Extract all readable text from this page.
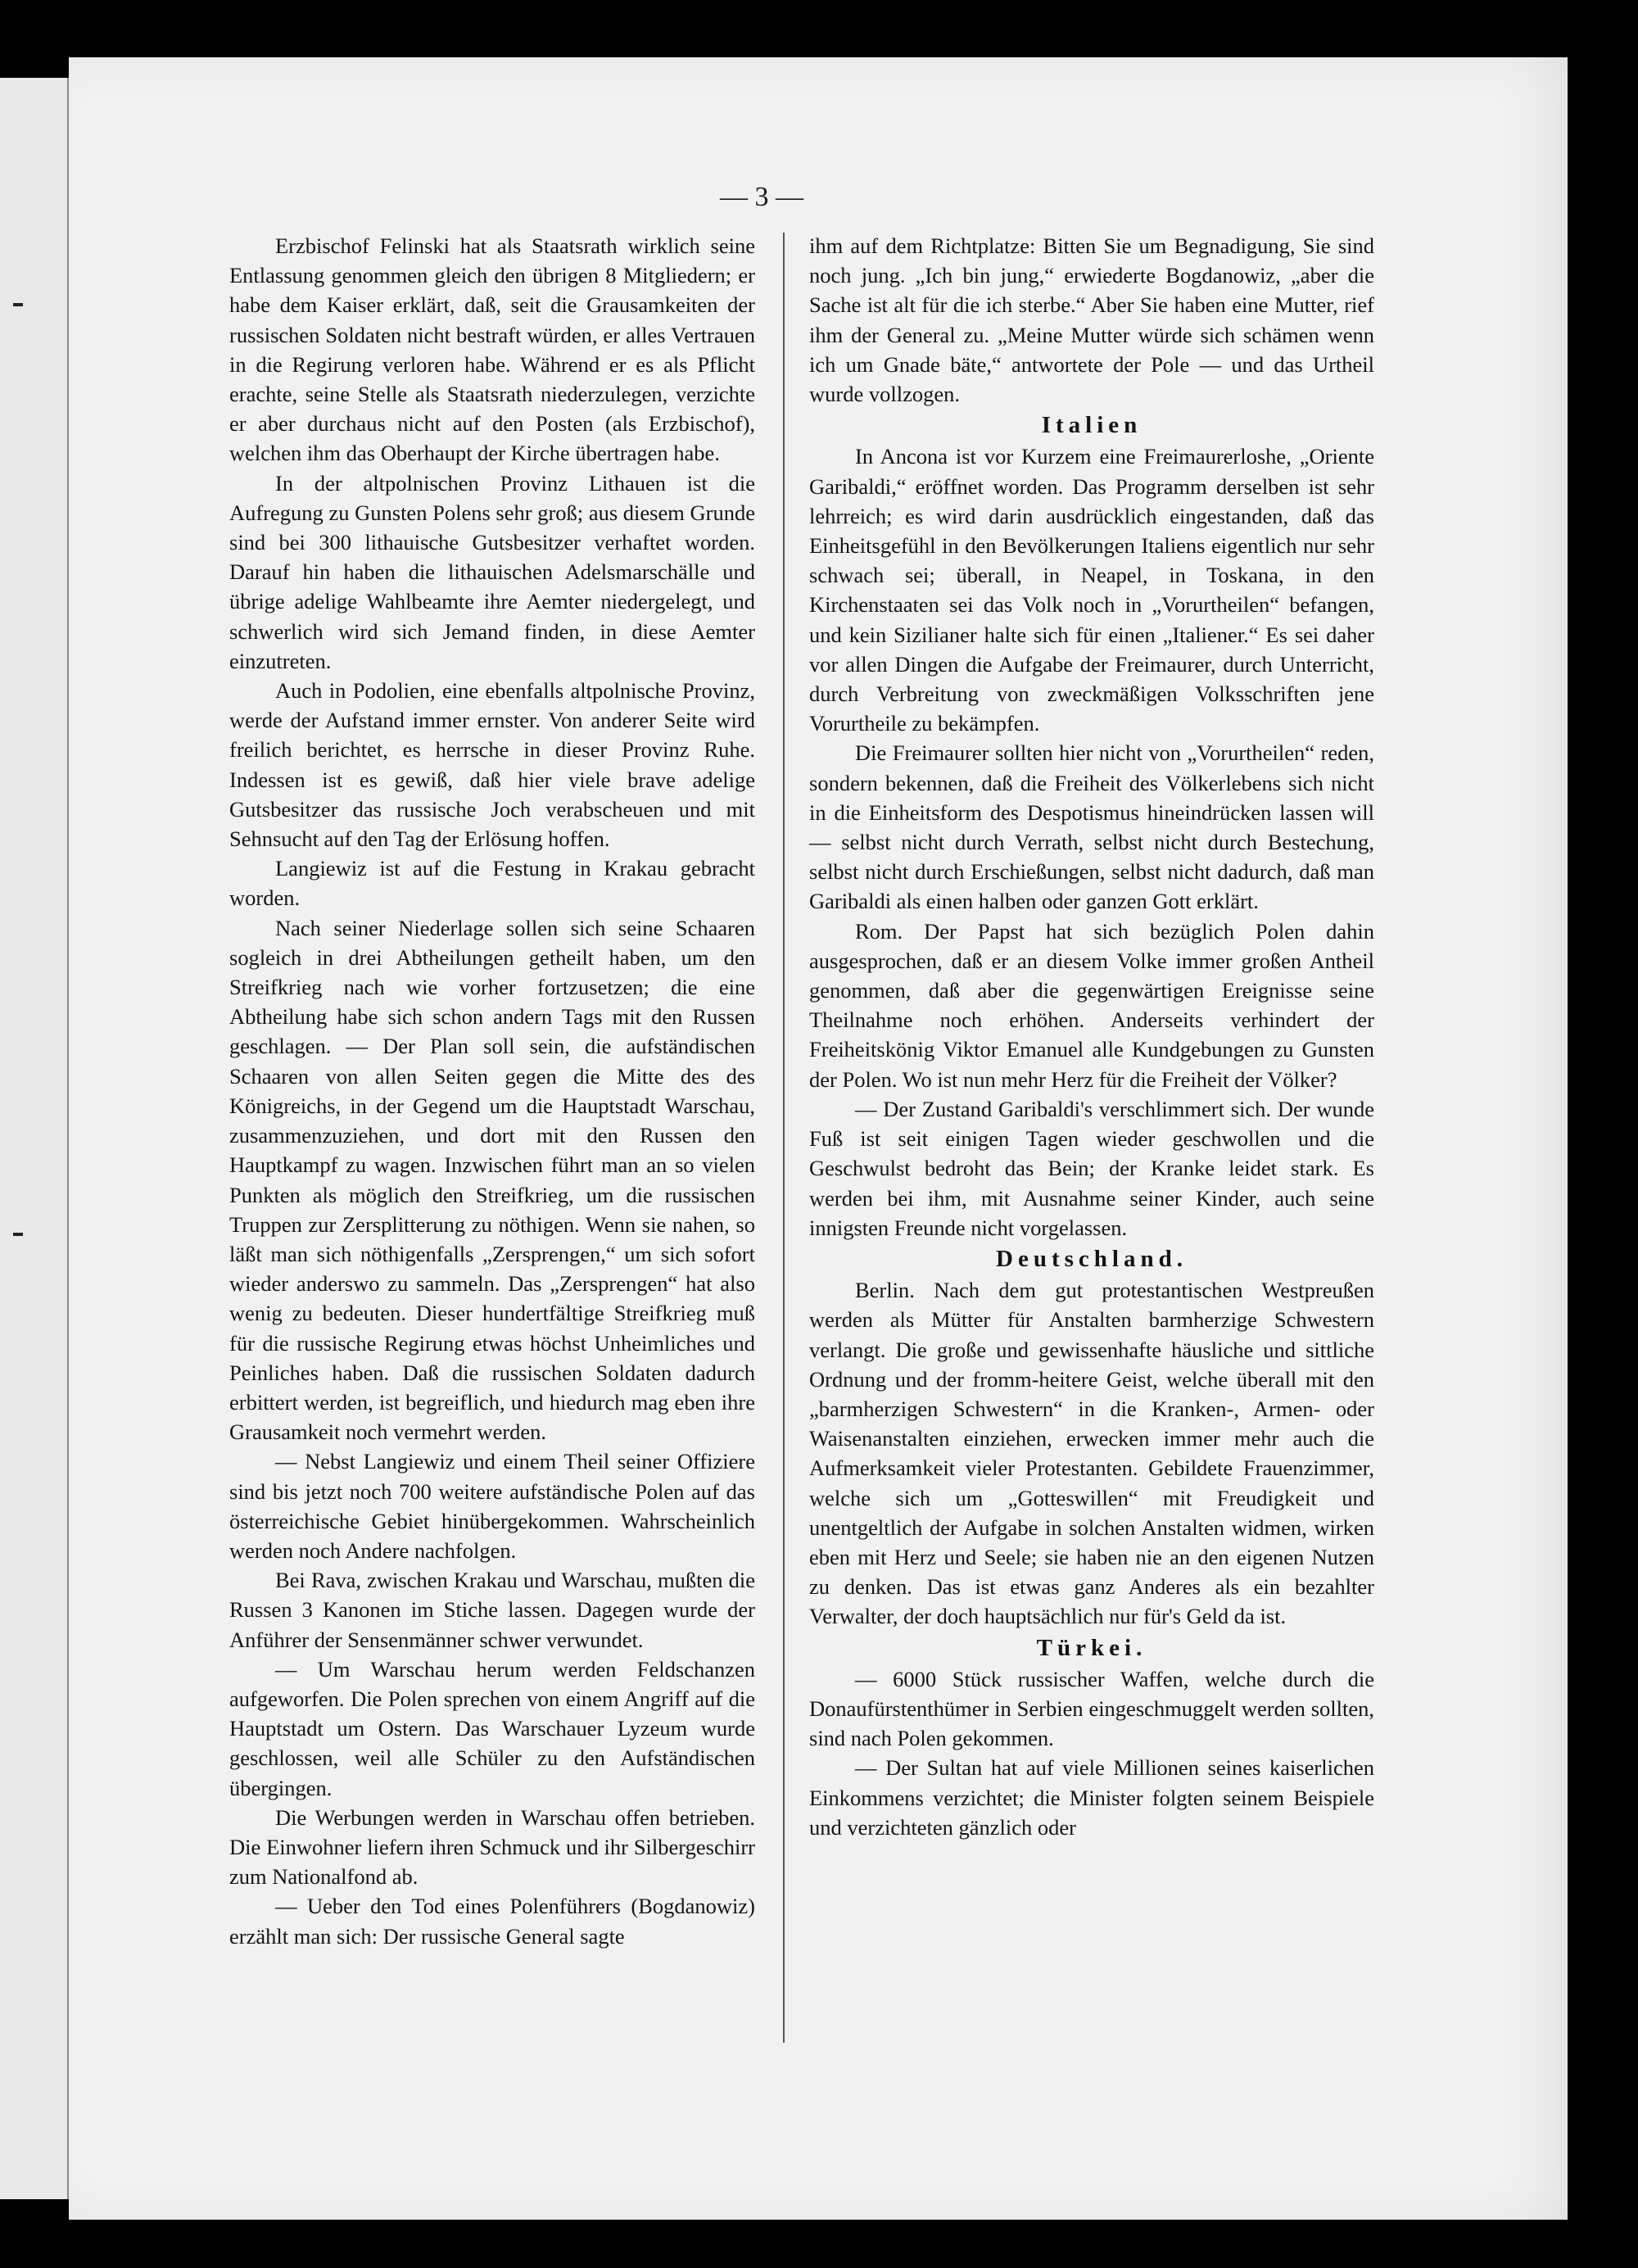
— 3 —

Erzbischof Felinski hat als Staatsrath wirklich seine Entlassung genommen gleich den übrigen 8 Mitgliedern; er habe dem Kaiser erklärt, daß, seit die Grausamkeiten der russischen Soldaten nicht bestraft würden, er alles Vertrauen in die Regirung verloren habe. Während er es als Pflicht erachte, seine Stelle als Staatsrath niederzulegen, verzichte er aber durchaus nicht auf den Posten (als Erzbischof), welchen ihm das Oberhaupt der Kirche übertragen habe.

In der altpolnischen Provinz Lithauen ist die Aufregung zu Gunsten Polens sehr groß; aus diesem Grunde sind bei 300 lithauische Gutsbesitzer verhaftet worden. Darauf hin haben die lithauischen Adelsmarschälle und übrige adelige Wahlbeamte ihre Aemter niedergelegt, und schwerlich wird sich Jemand finden, in diese Aemter einzutreten.

Auch in Podolien, eine ebenfalls altpolnische Provinz, werde der Aufstand immer ernster. Von anderer Seite wird freilich berichtet, es herrsche in dieser Provinz Ruhe. Indessen ist es gewiß, daß hier viele brave adelige Gutsbesitzer das russische Joch verabscheuen und mit Sehnsucht auf den Tag der Erlösung hoffen.

Langiewiz ist auf die Festung in Krakau gebracht worden.

Nach seiner Niederlage sollen sich seine Schaaren sogleich in drei Abtheilungen getheilt haben, um den Streifkrieg nach wie vorher fortzusetzen; die eine Abtheilung habe sich schon andern Tags mit den Russen geschlagen. — Der Plan soll sein, die aufständischen Schaaren von allen Seiten gegen die Mitte des des Königreichs, in der Gegend um die Hauptstadt Warschau, zusammenzuziehen, und dort mit den Russen den Hauptkampf zu wagen. Inzwischen führt man an so vielen Punkten als möglich den Streifkrieg, um die russischen Truppen zur Zersplitterung zu nöthigen. Wenn sie nahen, so läßt man sich nöthigenfalls „Zersprengen,“ um sich sofort wieder anderswo zu sammeln. Das „Zersprengen“ hat also wenig zu bedeuten. Dieser hundertfältige Streifkrieg muß für die russische Regirung etwas höchst Unheimliches und Peinliches haben. Daß die russischen Soldaten dadurch erbittert werden, ist begreiflich, und hiedurch mag eben ihre Grausamkeit noch vermehrt werden.

— Nebst Langiewiz und einem Theil seiner Offiziere sind bis jetzt noch 700 weitere aufständische Polen auf das österreichische Gebiet hinübergekommen. Wahrscheinlich werden noch Andere nachfolgen.

Bei Rava, zwischen Krakau und Warschau, mußten die Russen 3 Kanonen im Stiche lassen. Dagegen wurde der Anführer der Sensenmänner schwer verwundet.

— Um Warschau herum werden Feldschanzen aufgeworfen. Die Polen sprechen von einem Angriff auf die Hauptstadt um Ostern. Das Warschauer Lyzeum wurde geschlossen, weil alle Schüler zu den Aufständischen übergingen.

Die Werbungen werden in Warschau offen betrieben. Die Einwohner liefern ihren Schmuck und ihr Silbergeschirr zum Nationalfond ab.

— Ueber den Tod eines Polenführers (Bogdanowiz) erzählt man sich: Der russische General sagte

ihm auf dem Richtplatze: Bitten Sie um Begnadigung, Sie sind noch jung. „Ich bin jung,“ erwiederte Bogdanowiz, „aber die Sache ist alt für die ich sterbe.“ Aber Sie haben eine Mutter, rief ihm der General zu. „Meine Mutter würde sich schämen wenn ich um Gnade bäte,“ antwortete der Pole — und das Urtheil wurde vollzogen.

Italien

In Ancona ist vor Kurzem eine Freimaurerloshe, „Oriente Garibaldi,“ eröffnet worden. Das Programm derselben ist sehr lehrreich; es wird darin ausdrücklich eingestanden, daß das Einheitsgefühl in den Bevölkerungen Italiens eigentlich nur sehr schwach sei; überall, in Neapel, in Toskana, in den Kirchenstaaten sei das Volk noch in „Vorurtheilen“ befangen, und kein Sizilianer halte sich für einen „Italiener.“ Es sei daher vor allen Dingen die Aufgabe der Freimaurer, durch Unterricht, durch Verbreitung von zweckmäßigen Volksschriften jene Vorurtheile zu bekämpfen.

Die Freimaurer sollten hier nicht von „Vorurtheilen“ reden, sondern bekennen, daß die Freiheit des Völkerlebens sich nicht in die Einheitsform des Despotismus hineindrücken lassen will — selbst nicht durch Verrath, selbst nicht durch Bestechung, selbst nicht durch Erschießungen, selbst nicht dadurch, daß man Garibaldi als einen halben oder ganzen Gott erklärt.

Rom. Der Papst hat sich bezüglich Polen dahin ausgesprochen, daß er an diesem Volke immer großen Antheil genommen, daß aber die gegenwärtigen Ereignisse seine Theilnahme noch erhöhen. Anderseits verhindert der Freiheitskönig Viktor Emanuel alle Kundgebungen zu Gunsten der Polen. Wo ist nun mehr Herz für die Freiheit der Völker?

— Der Zustand Garibaldi's verschlimmert sich. Der wunde Fuß ist seit einigen Tagen wieder geschwollen und die Geschwulst bedroht das Bein; der Kranke leidet stark. Es werden bei ihm, mit Ausnahme seiner Kinder, auch seine innigsten Freunde nicht vorgelassen.

Deutschland.

Berlin. Nach dem gut protestantischen Westpreußen werden als Mütter für Anstalten barmherzige Schwestern verlangt. Die große und gewissenhafte häusliche und sittliche Ordnung und der fromm-heitere Geist, welche überall mit den „barmherzigen Schwestern“ in die Kranken-, Armen- oder Waisenanstalten einziehen, erwecken immer mehr auch die Aufmerksamkeit vieler Protestanten. Gebildete Frauenzimmer, welche sich um „Gotteswillen“ mit Freudigkeit und unentgeltlich der Aufgabe in solchen Anstalten widmen, wirken eben mit Herz und Seele; sie haben nie an den eigenen Nutzen zu denken. Das ist etwas ganz Anderes als ein bezahlter Verwalter, der doch hauptsächlich nur für's Geld da ist.

Türkei.

— 6000 Stück russischer Waffen, welche durch die Donaufürstenthümer in Serbien eingeschmuggelt werden sollten, sind nach Polen gekommen.

— Der Sultan hat auf viele Millionen seines kaiserlichen Einkommens verzichtet; die Minister folgten seinem Beispiele und verzichteten gänzlich oder
